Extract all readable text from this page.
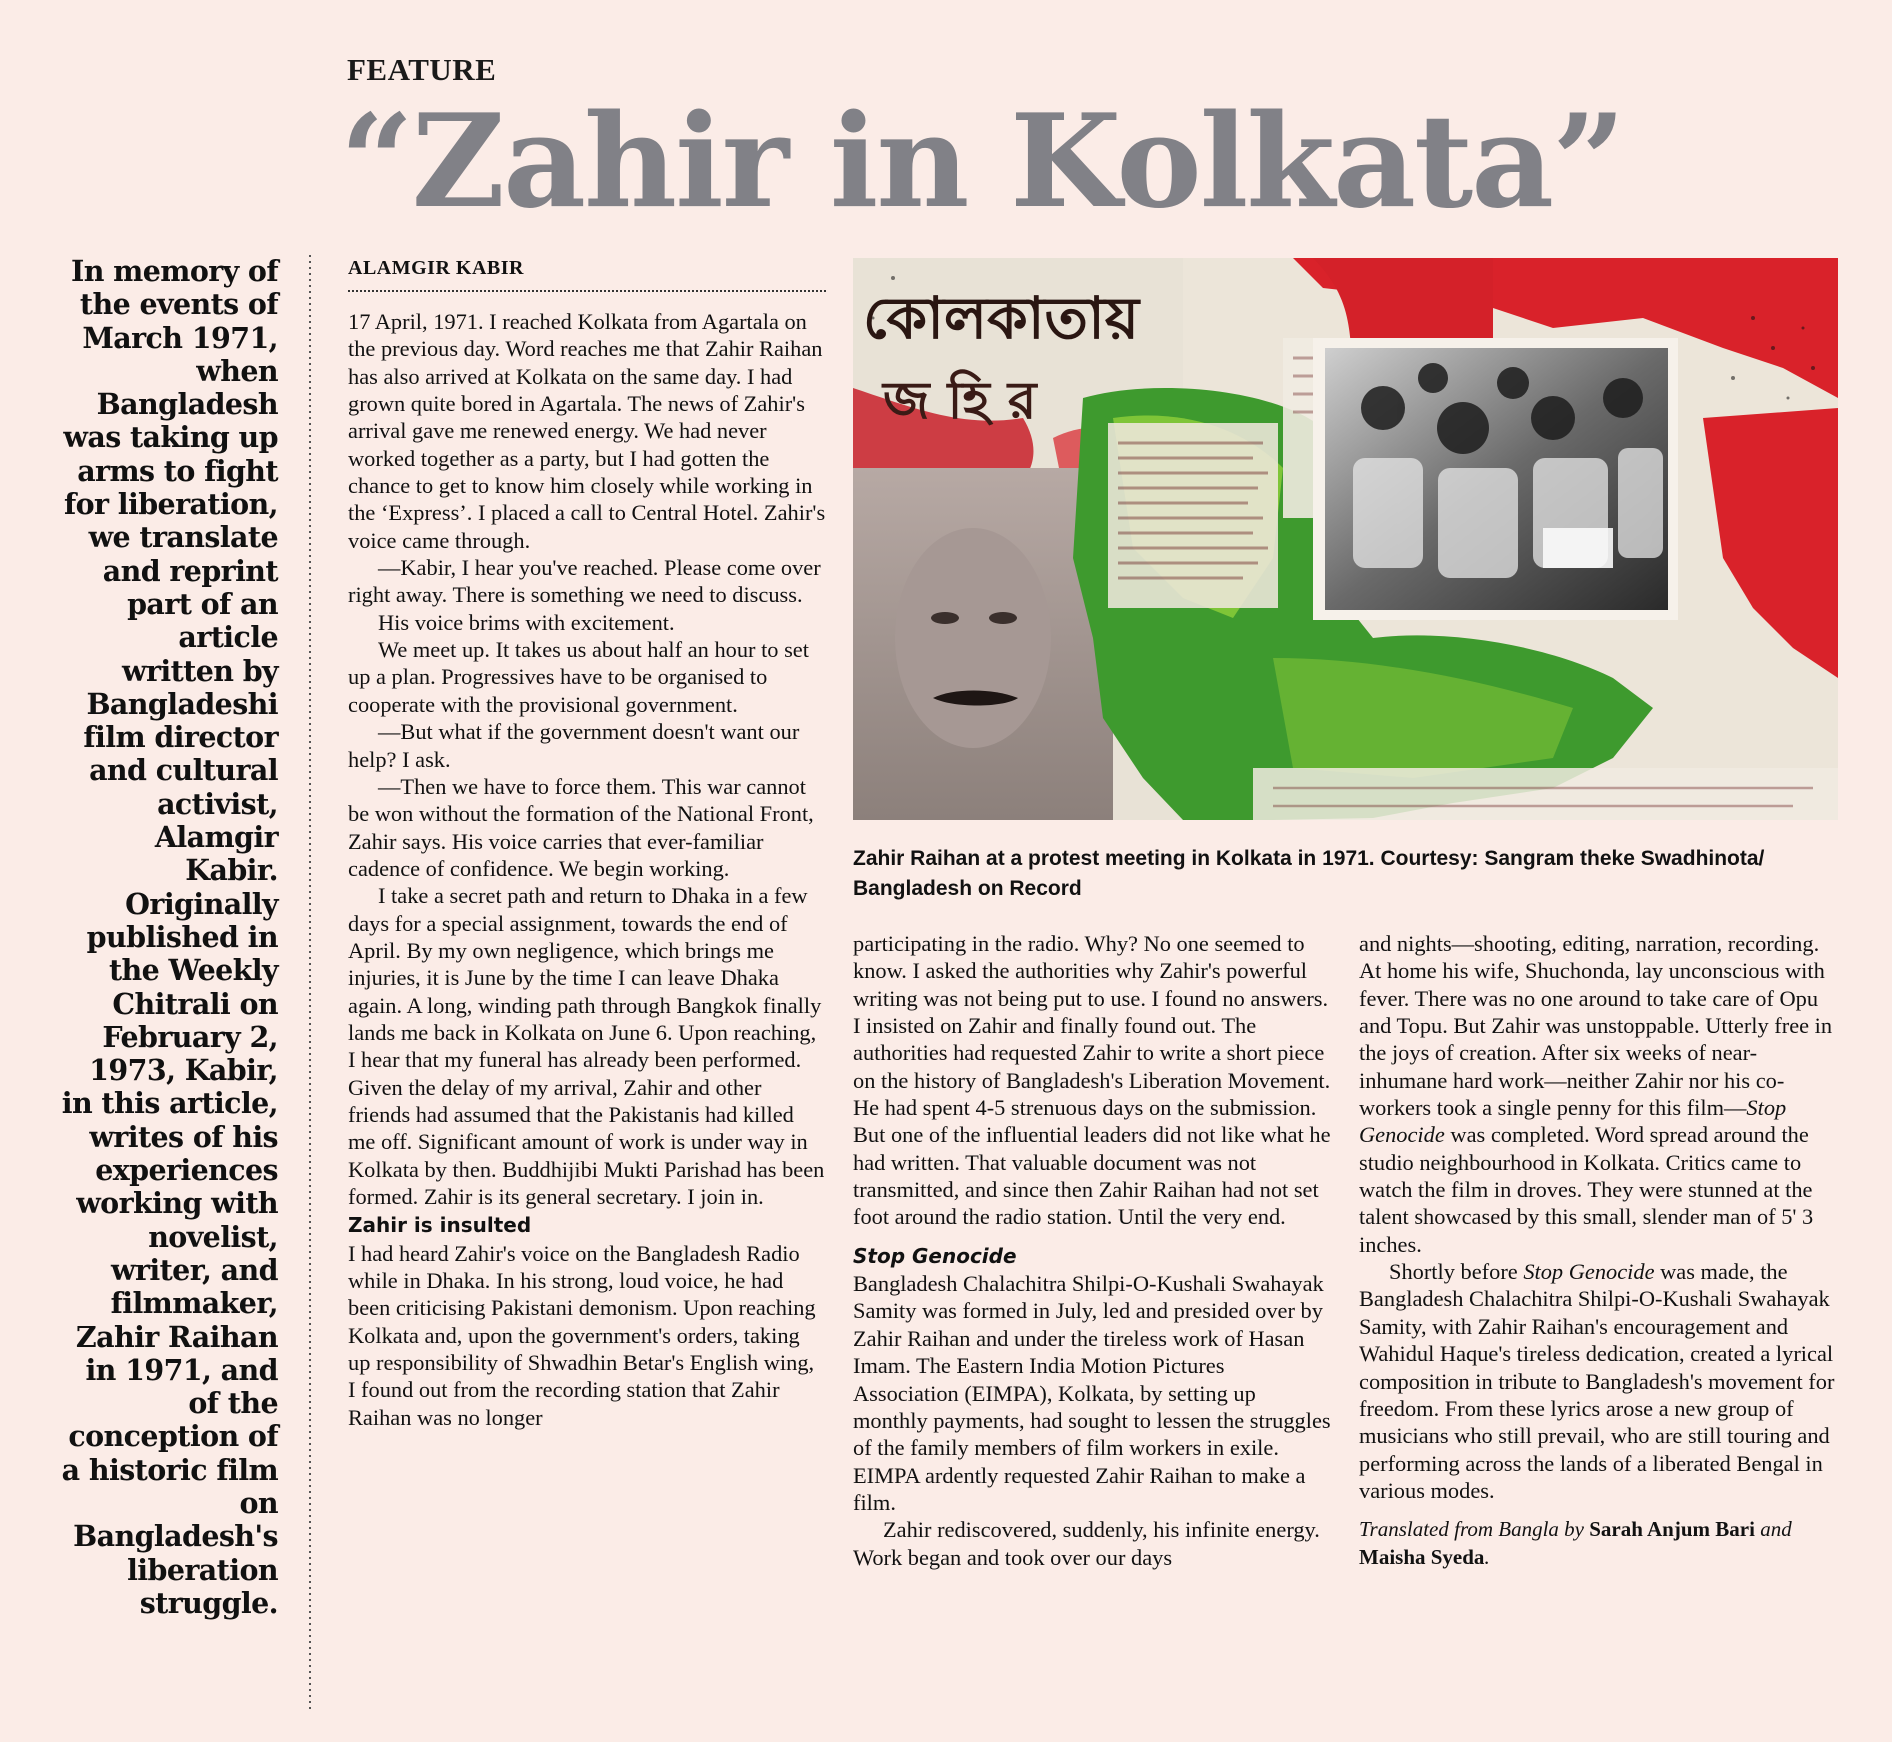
FEATURE
“Zahir in Kolkata”
In memory of the events of March 1971, when Bangladesh was taking up arms to fight for liberation, we translate and reprint part of an article written by Bangladeshi film director and cultural activist, Alamgir Kabir. Originally published in the Weekly Chitrali on February 2, 1973, Kabir, in this article, writes of his experiences working with novelist, writer, and filmmaker, Zahir Raihan in 1971, and of the conception of a historic film on Bangladesh's liberation struggle.
ALAMGIR KABIR

17 April, 1971. I reached Kolkata from Agartala on the previous day. Word reaches me that Zahir Raihan has also arrived at Kolkata on the same day. I had grown quite bored in Agartala. The news of Zahir's arrival gave me renewed energy. We had never worked together as a party, but I had gotten the chance to get to know him closely while working in the ‘Express’. I placed a call to Central Hotel. Zahir's voice came through.

—Kabir, I hear you've reached. Please come over right away. There is something we need to discuss.

His voice brims with excitement.

We meet up. It takes us about half an hour to set up a plan. Progressives have to be organised to cooperate with the provisional government.

—But what if the government doesn't want our help? I ask.

—Then we have to force them. This war cannot be won without the formation of the National Front, Zahir says. His voice carries that ever-familiar cadence of confidence. We begin working.

I take a secret path and return to Dhaka in a few days for a special assignment, towards the end of April. By my own negligence, which brings me injuries, it is June by the time I can leave Dhaka again. A long, winding path through Bangkok finally lands me back in Kolkata on June 6. Upon reaching, I hear that my funeral has already been performed. Given the delay of my arrival, Zahir and other friends had assumed that the Pakistanis had killed me off. Significant amount of work is under way in Kolkata by then. Buddhijibi Mukti Parishad has been formed. Zahir is its general secretary. I join in.

Zahir is insulted

I had heard Zahir's voice on the Bangladesh Radio while in Dhaka. In his strong, loud voice, he had been criticising Pakistani demonism. Upon reaching Kolkata and, upon the government's orders, taking up responsibility of Shwadhin Betar's English wing, I found out from the recording station that Zahir Raihan was no longer

কোলকাতায়
জ হি র
Zahir Raihan at a protest meeting in Kolkata in 1971. Courtesy: Sangram theke Swadhinota/ Bangladesh on Record

participating in the radio. Why? No one seemed to know. I asked the authorities why Zahir's powerful writing was not being put to use. I found no answers. I insisted on Zahir and finally found out. The authorities had requested Zahir to write a short piece on the history of Bangladesh's Liberation Movement. He had spent 4-5 strenuous days on the submission. But one of the influential leaders did not like what he had written. That valuable document was not transmitted, and since then Zahir Raihan had not set foot around the radio station. Until the very end.

Stop Genocide

Bangladesh Chalachitra Shilpi-O-Kushali Swahayak Samity was formed in July, led and presided over by Zahir Raihan and under the tireless work of Hasan Imam. The Eastern India Motion Pictures Association (EIMPA), Kolkata, by setting up monthly payments, had sought to lessen the struggles of the family members of film workers in exile. EIMPA ardently requested Zahir Raihan to make a film.

Zahir rediscovered, suddenly, his infinite energy. Work began and took over our days

and nights—shooting, editing, narration, recording. At home his wife, Shuchonda, lay unconscious with fever. There was no one around to take care of Opu and Topu. But Zahir was unstoppable. Utterly free in the joys of creation. After six weeks of near-inhumane hard work—neither Zahir nor his co-workers took a single penny for this film—Stop Genocide was completed. Word spread around the studio neighbourhood in Kolkata. Critics came to watch the film in droves. They were stunned at the talent showcased by this small, slender man of 5' 3 inches.

Shortly before Stop Genocide was made, the Bangladesh Chalachitra Shilpi-O-Kushali Swahayak Samity, with Zahir Raihan's encouragement and Wahidul Haque's tireless dedication, created a lyrical composition in tribute to Bangladesh's movement for freedom. From these lyrics arose a new group of musicians who still prevail, who are still touring and performing across the lands of a liberated Bengal in various modes.

Translated from Bangla by Sarah Anjum Bari and Maisha Syeda.
